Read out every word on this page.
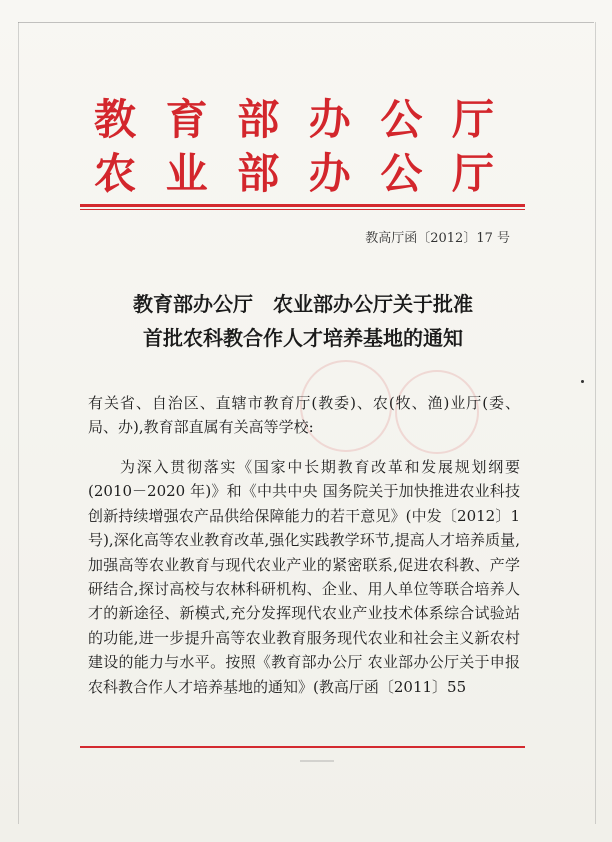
教 育 部 办 公 厅
农 业 部 办 公 厅
教高厅函〔2012〕17 号
教育部办公厅　农业部办公厅关于批准
首批农科教合作人才培养基地的通知
有关省、自治区、直辖市教育厅(教委)、农(牧、渔)业厅(委、局、办),教育部直属有关高等学校:
为深入贯彻落实《国家中长期教育改革和发展规划纲要(2010－2020 年)》和《中共中央 国务院关于加快推进农业科技创新持续增强农产品供给保障能力的若干意见》(中发〔2012〕1号),深化高等农业教育改革,强化实践教学环节,提高人才培养质量,加强高等农业教育与现代农业产业的紧密联系,促进农科教、产学研结合,探讨高校与农林科研机构、企业、用人单位等联合培养人才的新途径、新模式,充分发挥现代农业产业技术体系综合试验站的功能,进一步提升高等农业教育服务现代农业和社会主义新农村建设的能力与水平。按照《教育部办公厅 农业部办公厅关于申报农科教合作人才培养基地的通知》(教高厅函〔2011〕55
